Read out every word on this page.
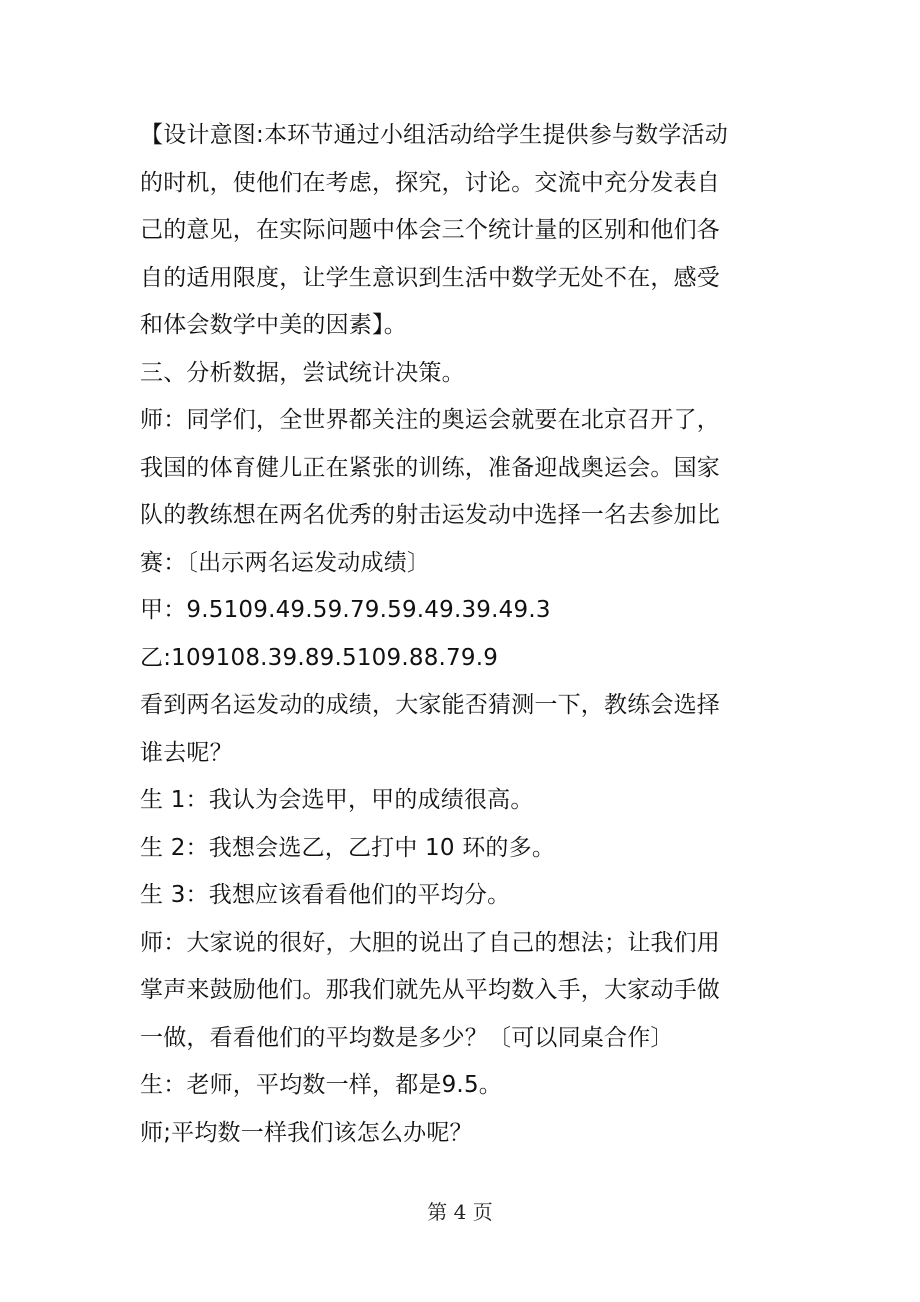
【设计意图:本环节通过小组活动给学生提供参与数学活动
的时机，使他们在考虑，探究，讨论。交流中充分发表自
己的意见，在实际问题中体会三个统计量的区别和他们各
自的适用限度，让学生意识到生活中数学无处不在，感受
和体会数学中美的因素】。
三、分析数据，尝试统计决策。
师：同学们，全世界都关注的奥运会就要在北京召开了，
我国的体育健儿正在紧张的训练，准备迎战奥运会。国家
队的教练想在两名优秀的射击运发动中选择一名去参加比
赛：〔出示两名运发动成绩〕
甲：9.5109.49.59.79.59.49.39.49.3
乙:109108.39.89.5109.88.79.9
看到两名运发动的成绩，大家能否猜测一下，教练会选择
谁去呢？
生 1：我认为会选甲，甲的成绩很高。
生 2：我想会选乙，乙打中 10 环的多。
生 3：我想应该看看他们的平均分。
师：大家说的很好，大胆的说出了自己的想法；让我们用
掌声来鼓励他们。那我们就先从平均数入手，大家动手做
一做，看看他们的平均数是多少？〔可以同桌合作〕
生：老师，平均数一样，都是9.5。
师;平均数一样我们该怎么办呢？
第 4 页
